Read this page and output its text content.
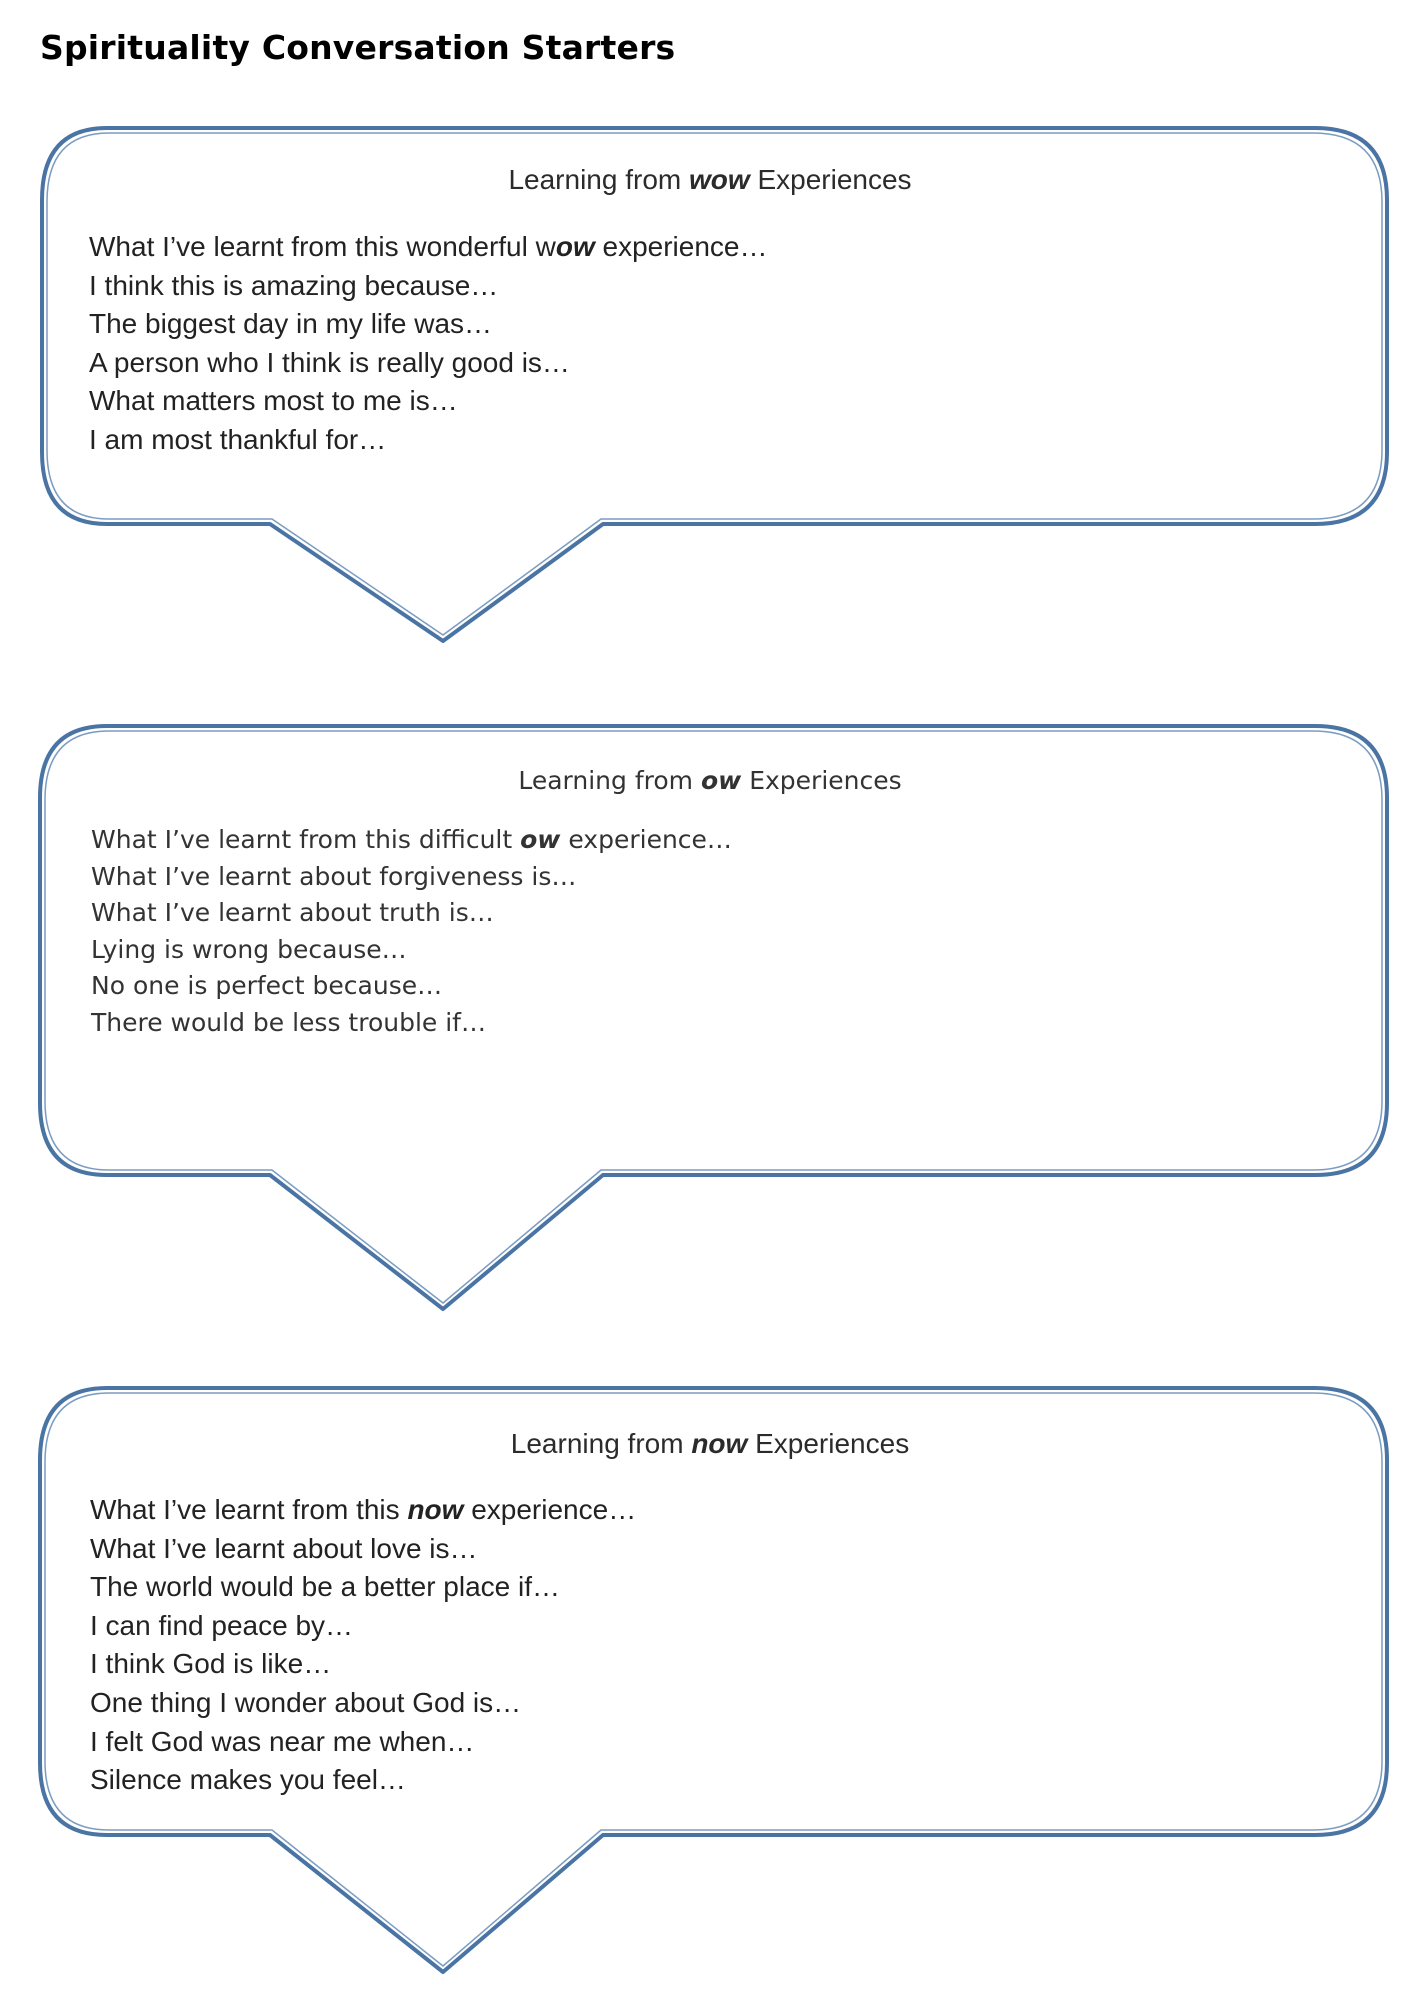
Spirituality Conversation Starters
Learning from wow Experiences
What I’ve learnt from this wonderful wow experience…
I think this is amazing because…
The biggest day in my life was…
A person who I think is really good is…
What matters most to me is…
I am most thankful for…
Learning from ow Experiences
What I’ve learnt from this difficult ow experience…
What I’ve learnt about forgiveness is…
What I’ve learnt about truth is…
Lying is wrong because…
No one is perfect because…
There would be less trouble if…
Learning from now Experiences
What I’ve learnt from this now experience…
What I’ve learnt about love is…
The world would be a better place if…
I can find peace by…
I think God is like…
One thing I wonder about God is…
I felt God was near me when…
Silence makes you feel…
